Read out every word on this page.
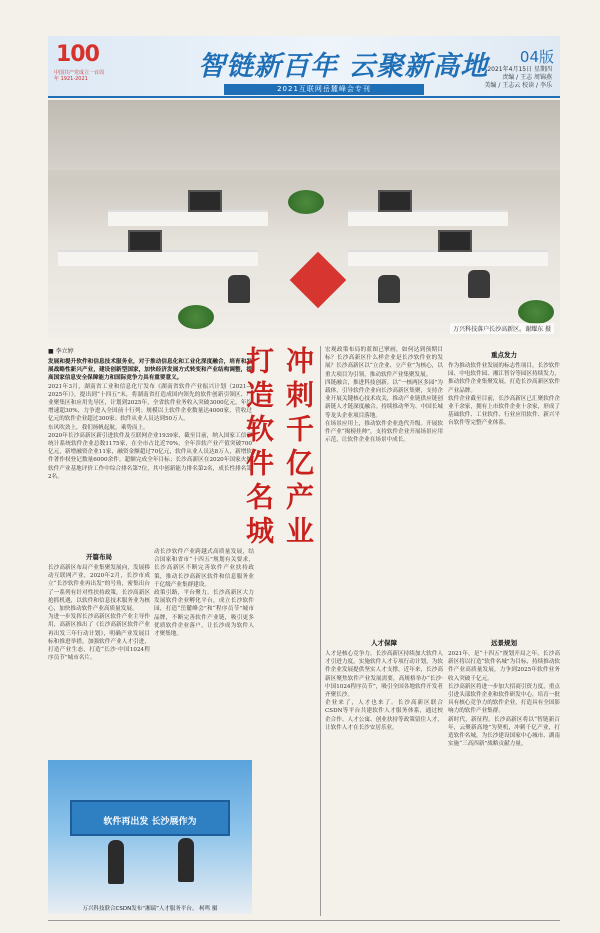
100
中国共产党成立一百周年 1921-2021	智链新百年 云聚新高地 04版
2021年4月15日 星期四
责编 / 王志 周锦燕
美编 / 王志云 校读 / 李乐
2021互联网岳麓峰会专刊
万兴科技落户长沙高新区。谢耀东 摄
■ 李立婷

发展和提升软件和信息技术服务业，对于推动信息化和工业化深度融合，培育和发展战略性新兴产业，建设创新型国家，加快经济发展方式转变和产业结构调整，提高国家信息安全保障能力和国际竞争力具有重要意义。

2021年3月，湖南省工业和信息化厅发布《湖南省软件产业振兴计划（2021—2025年）》，提出到“十四五”末，将湖南省打造成国内领先的软件创新引领区、产业聚集区和应用先导区，计划到2025年，全省软件业务收入突破3000亿元，年均增速超30%，力争进入全国前十行列；规模以上软件企业数量达4000家，营收过亿元的软件企业超过300家；软件从业人员达到50万人。

东风吹劲上，我们扬帆起航，乘势而上。

2020年长沙高新区新引进软件及互联网企业1939家，截至目前，纳入国家工信部统计系统软件企业总数1175家，在全市占比近70%，全年涉软产业产值突破700亿元，新增融资企业11家，融资金额超过70亿元，软件从业人员达8万人，新增软件著作权登记数量6000余件。超额完成全年目标；长沙高新区在2020年国家火炬软件产业基地评价工作中综合排名第7位，其中创新能力排名第2名，成长性排名第2名。	冲刺千亿产业 打造软件名城
开篇布局

长沙高新区布局产业集聚发展向，发展移动互联网产业，2020年2月，长沙市成立“长沙软件业再出发”的号角，密集出台了一系列有针对性扶持政策，长沙高新区抢抓机遇，以软件和信息技术服务业为核心，加快推动软件产业高质量发展。

为进一步发挥长沙高新区软件产业主导作用，高新区推出了《长沙高新区软件产业再出发三年行动计划》，明确产业发展目标和推进举措，加强软件产业人才引进，打造产业生态，打造“长沙·中国1024程序员节”城市名片。

动长沙软件产业跨越式高质量发展，结合国家和省市“十四五”规划有关要求，长沙高新区不断完善软件产业扶持政策，推动长沙高新区软件和信息服务业千亿级产业集群建设。

政策引路，平台聚力。长沙高新区大力发展软件企业孵化平台，成立长沙软件园，打造“岳麓峰会”和“程序员节”城市品牌，不断完善软件产业链，吸引更多优质软件企业落户，让长沙成为软件人才聚集地。

宏观政策布局的蓝图已擘画，如何达到预期目标？长沙高新区什么样企业是长沙软件业的发展？长沙高新区以“立企业、立产业”为核心，以重大项目为引领，推动软件产业集聚发展。

四链融合，推进科技创新。以“一核两区多园”为载体，引导软件企业向长沙高新区集聚，支持企业开展关键核心技术攻关，推动产业链供应链创新链人才链深度融合。持续推动华为、中国长城等龙头企业项目落地。

在场景应用上，推动软件企业迭代升级。开展软件产业“揭榜挂帅”，支持软件企业开展场景应用示范，让软件企业在场景中成长。

重点发力

作为推动软件业发展的标志性项目，长沙软件园、中电软件园、湘江智谷等园区持续发力，推动软件企业集聚发展，打造长沙高新区软件产业品牌。

软件企业截至目前，长沙高新区已汇聚软件企业千余家，拥有上市软件企业十余家，形成了基础软件、工业软件、行业应用软件、新兴平台软件等完整产业体系。

人才保障

人才是核心竞争力。长沙高新区持续加大软件人才引进力度，实施软件人才专项行动计划，为软件企业发展提供坚实人才支撑。近年来，长沙高新区聚焦软件产业发展需要，高规格举办“长沙·中国1024程序员节”，吸引全国各地软件开发者齐聚长沙。

企业来了，人才也来了。长沙高新区联合CSDN等平台共建软件人才服务体系，通过校企合作、人才公寓、创业扶持等政策留住人才，让软件人才在长沙安居乐业。

远景规划

2021年，是“十四五”规划开局之年。长沙高新区将以打造“软件名城”为目标，持续推动软件产业高质量发展，力争到2025年软件业务收入突破千亿元。

长沙高新区将进一步加大招商引资力度，重点引进头部软件企业和软件研发中心，培育一批具有核心竞争力的软件企业，打造具有全国影响力的软件产业集群。

新时代，新征程。长沙高新区将以“智链新百年，云聚新高地”为契机，冲刺千亿产业，打造软件名城，为长沙建设国家中心城市、湖南实施“三高四新”战略贡献力量。

软件再出发 长沙展作为
万兴科技联合CSDN发布“湘瑞”人才服务平台。 柯鸣 摄
